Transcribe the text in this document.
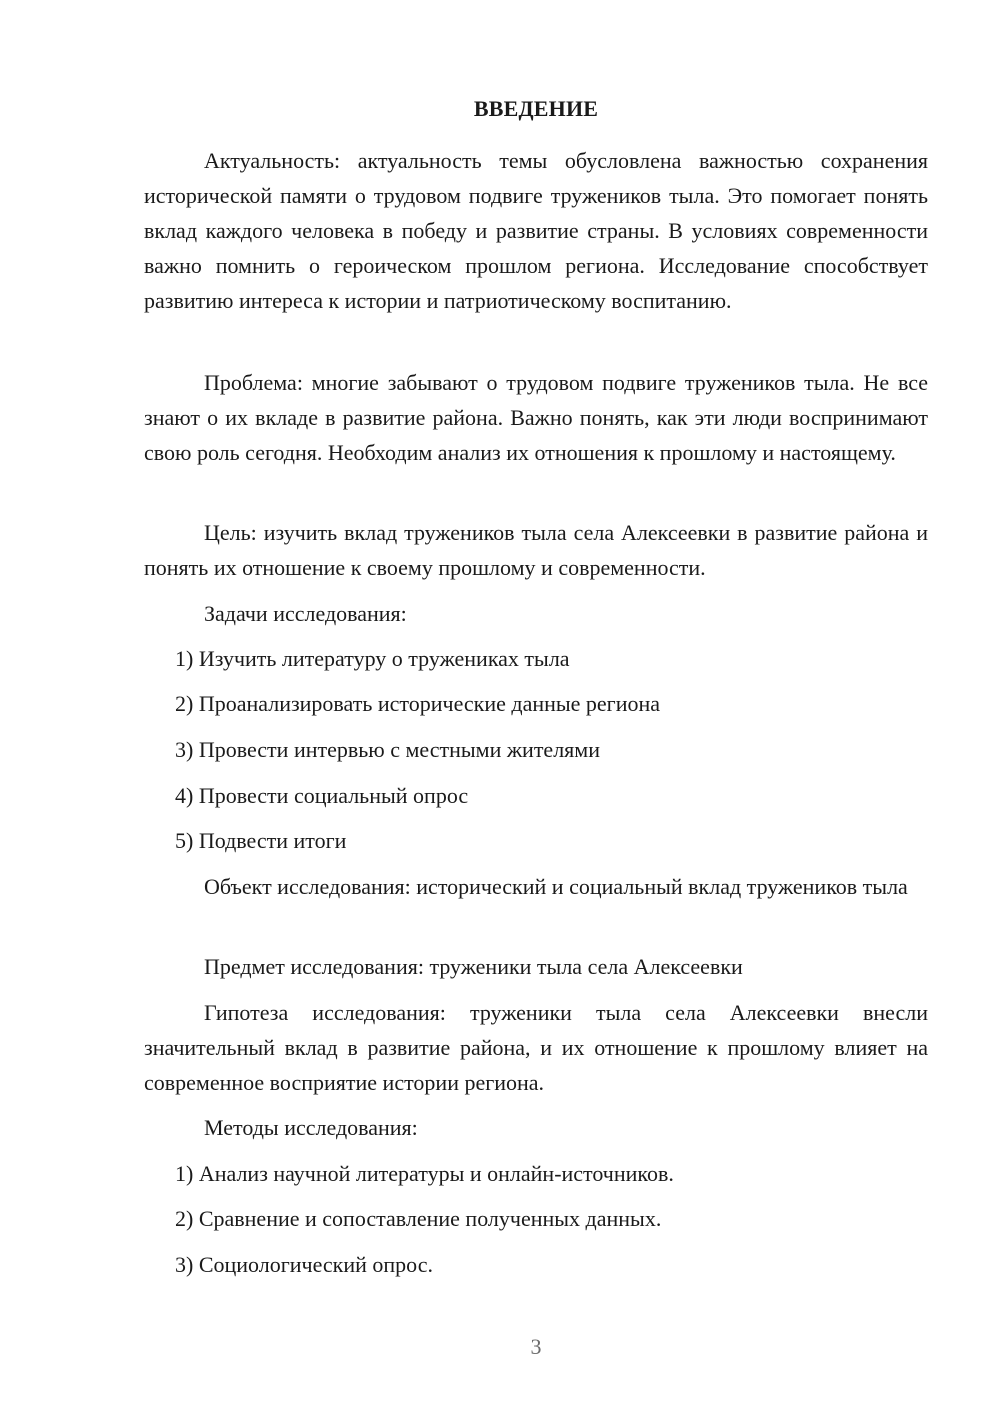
ВВЕДЕНИЕ

Актуальность: актуальность темы обусловлена важностью сохранения исторической памяти о трудовом подвиге тружеников тыла. Это помогает понять вклад каждого человека в победу и развитие страны. В условиях современности важно помнить о героическом прошлом региона. Исследование способствует развитию интереса к истории и патриотическому воспитанию.

Проблема: многие забывают о трудовом подвиге тружеников тыла. Не все знают о их вкладе в развитие района. Важно понять, как эти люди воспринимают свою роль сегодня. Необходим анализ их отношения к прошлому и настоящему.

Цель: изучить вклад тружеников тыла села Алексеевки в развитие района и понять их отношение к своему прошлому и современности.

Задачи исследования:

1) Изучить литературу о тружениках тыла

2) Проанализировать исторические данные региона

3) Провести интервью с местными жителями

4) Провести социальный опрос

5) Подвести итоги

Объект исследования: исторический и социальный вклад тружеников тыла

Предмет исследования: труженики тыла села Алексеевки

Гипотеза исследования: труженики тыла села Алексеевки внесли значительный вклад в развитие района, и их отношение к прошлому влияет на современное восприятие истории региона.

Методы исследования:

1) Анализ научной литературы и онлайн-источников.

2) Сравнение и сопоставление полученных данных.

3) Социологический опрос.

3
